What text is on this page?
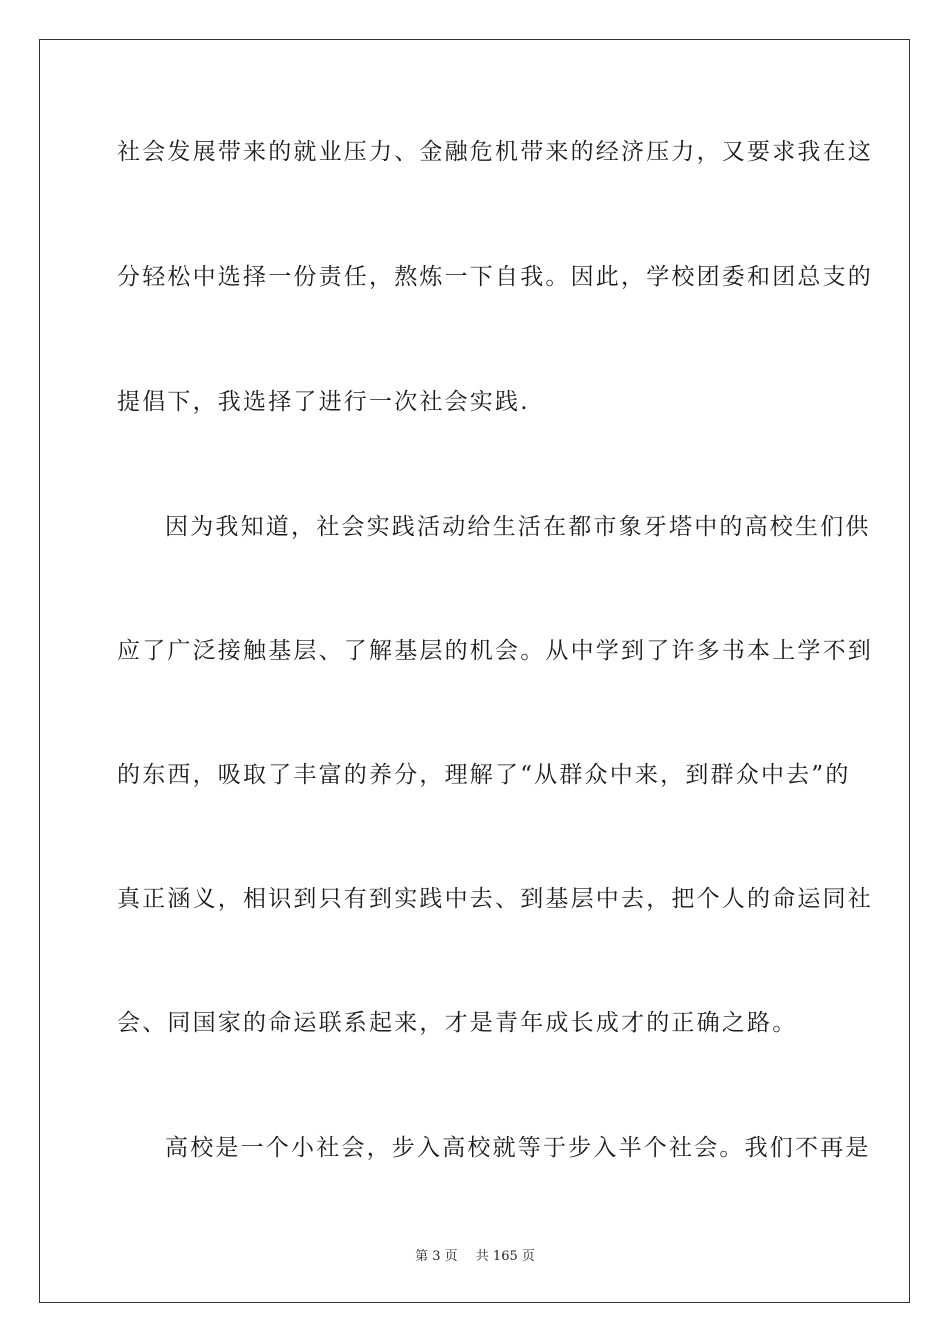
社会发展带来的就业压力、金融危机带来的经济压力，又要求我在这
分轻松中选择一份责任，熬炼一下自我。因此，学校团委和团总支的
提倡下，我选择了进行一次社会实践.
因为我知道，社会实践活动给生活在都市象牙塔中的高校生们供
应了广泛接触基层、了解基层的机会。从中学到了许多书本上学不到
的东西，吸取了丰富的养分，理解了“从群众中来，到群众中去”的
真正涵义，相识到只有到实践中去、到基层中去，把个人的命运同社
会、同国家的命运联系起来，才是青年成长成才的正确之路。
高校是一个小社会，步入高校就等于步入半个社会。我们不再是
第 3 页 共 165 页
